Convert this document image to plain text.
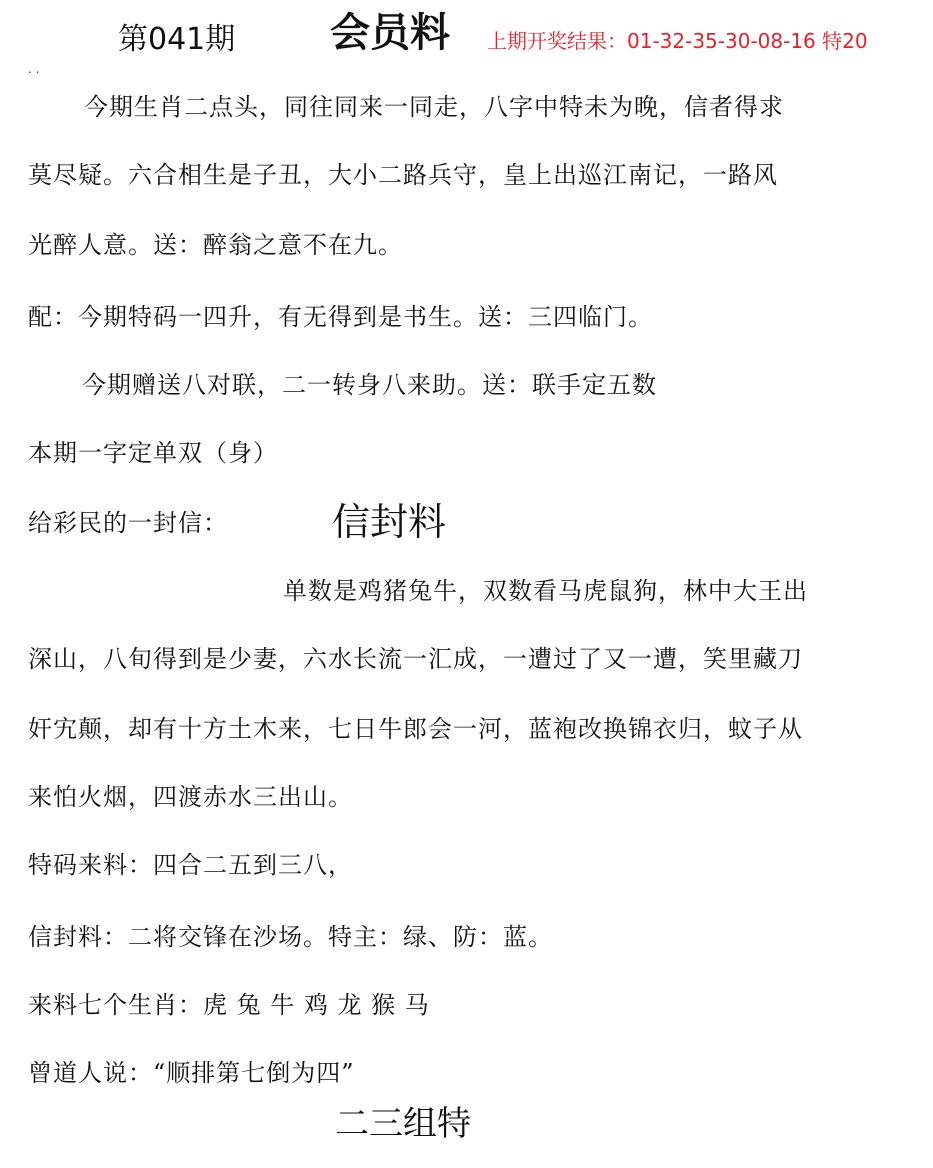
第041期 会员料 上期开奖结果：01-32-35-30-08-16 特20
. .
今期生肖二点头，同往同来一同走，八字中特未为晚，信者得求
莫尽疑。六合相生是子丑，大小二路兵守，皇上出巡江南记，一路风
光醉人意。送：醉翁之意不在九。
配：今期特码一四升，有无得到是书生。送：三四临门。
今期赠送八对联，二一转身八来助。送：联手定五数
本期一字定单双（身）
给彩民的一封信：	信封料
单数是鸡猪兔牛，双数看马虎鼠狗，林中大王出
深山，八旬得到是少妻，六水长流一汇成，一遭过了又一遭，笑里藏刀
奸宄颠，却有十方土木来，七日牛郎会一河，蓝袍改换锦衣归，蚊子从
来怕火烟，四渡赤水三出山。
特码来料：四合二五到三八，
信封料：二将交锋在沙场。特主：绿、防：蓝。
来料七个生肖：虎 兔 牛 鸡 龙 猴 马
曾道人说：“顺排第七倒为四”
二三组特
